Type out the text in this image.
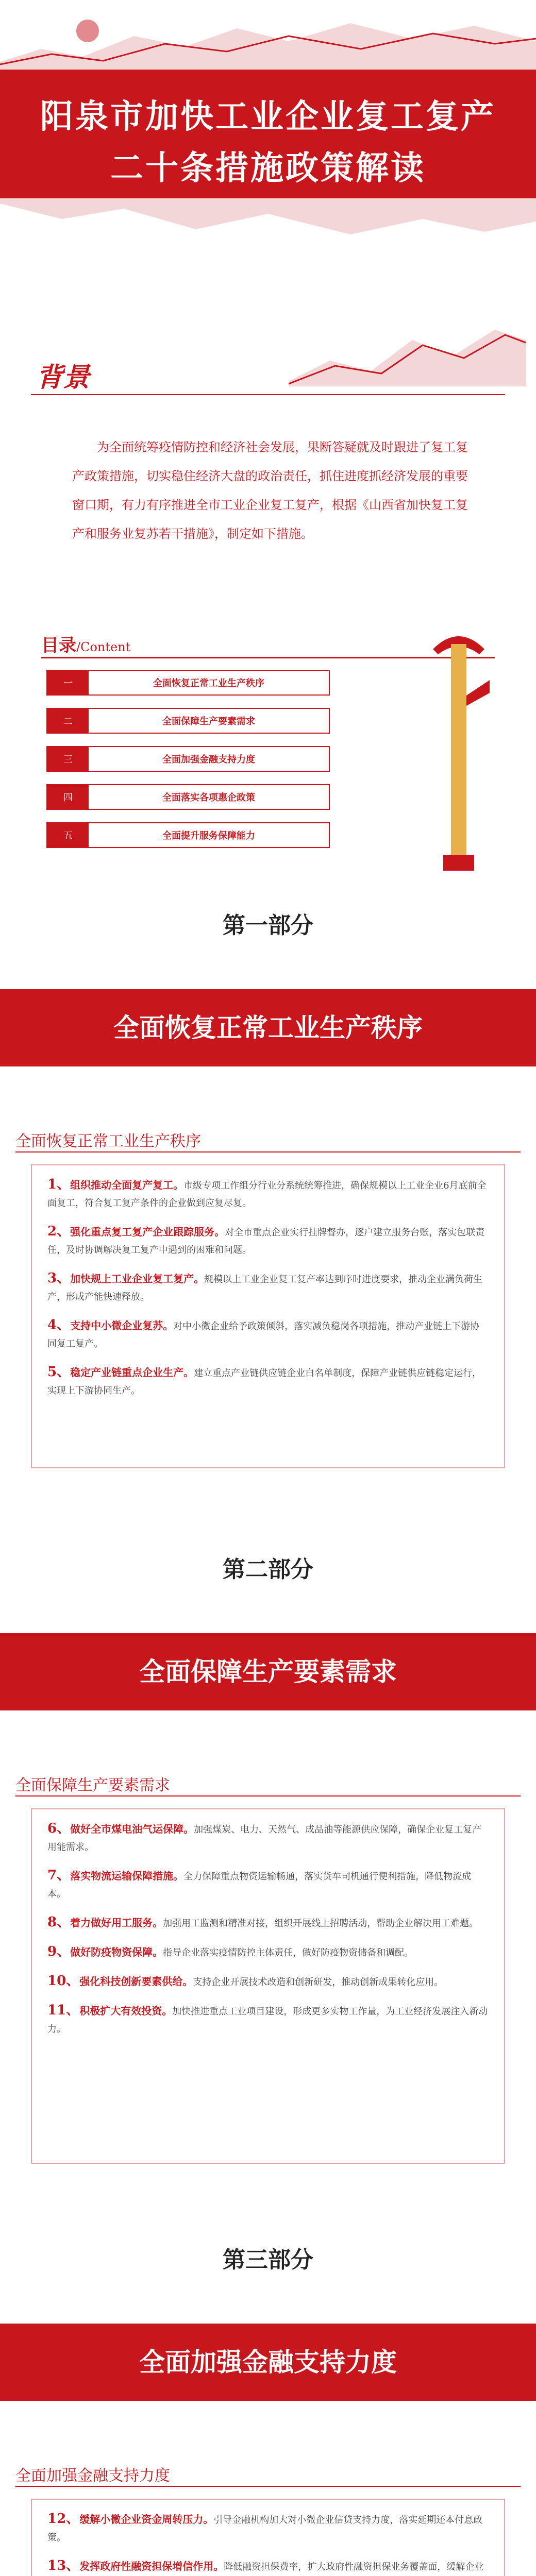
阳泉市加快工业企业复工复产
二十条措施政策解读
背景
为全面统筹疫情防控和经济社会发展，果断答疑就及时跟进了复工复产政策措施，切实稳住经济大盘的政治责任，抓住进度抓经济发展的重要窗口期，有力有序推进全市工业企业复工复产，根据《山西省加快复工复产和服务业复苏若干措施》，制定如下措施。
目录/Content
一	全面恢复正常工业生产秩序
二	全面保障生产要素需求
三	全面加强金融支持力度
四	全面落实各项惠企政策
五	全面提升服务保障能力
第一部分
全面恢复正常工业生产秩序
全面恢复正常工业生产秩序
1、组织推动全面复产复工。市级专项工作组分行业分系统统筹推进，确保规模以上工业企业6月底前全面复工，符合复工复产条件的企业做到应复尽复。
2、强化重点复工复产企业跟踪服务。对全市重点企业实行挂牌督办，逐户建立服务台账，落实包联责任，及时协调解决复工复产中遇到的困难和问题。
3、加快规上工业企业复工复产。规模以上工业企业复工复产率达到序时进度要求，推动企业满负荷生产，形成产能快速释放。
4、支持中小微企业复苏。对中小微企业给予政策倾斜，落实减负稳岗各项措施，推动产业链上下游协同复工复产。
5、稳定产业链重点企业生产。建立重点产业链供应链企业白名单制度，保障产业链供应链稳定运行，实现上下游协同生产。
第二部分
全面保障生产要素需求
全面保障生产要素需求
6、做好全市煤电油气运保障。加强煤炭、电力、天然气、成品油等能源供应保障，确保企业复工复产用能需求。
7、落实物流运输保障措施。全力保障重点物资运输畅通，落实货车司机通行便利措施，降低物流成本。
8、着力做好用工服务。加强用工监测和精准对接，组织开展线上招聘活动，帮助企业解决用工难题。
9、做好防疫物资保障。指导企业落实疫情防控主体责任，做好防疫物资储备和调配。
10、强化科技创新要素供给。支持企业开展技术改造和创新研发，推动创新成果转化应用。
11、积极扩大有效投资。加快推进重点工业项目建设，形成更多实物工作量，为工业经济发展注入新动力。
第三部分
全面加强金融支持力度
全面加强金融支持力度
12、缓解小微企业资金周转压力。引导金融机构加大对小微企业信贷支持力度，落实延期还本付息政策。
13、发挥政府性融资担保增信作用。降低融资担保费率，扩大政府性融资担保业务覆盖面，缓解企业
